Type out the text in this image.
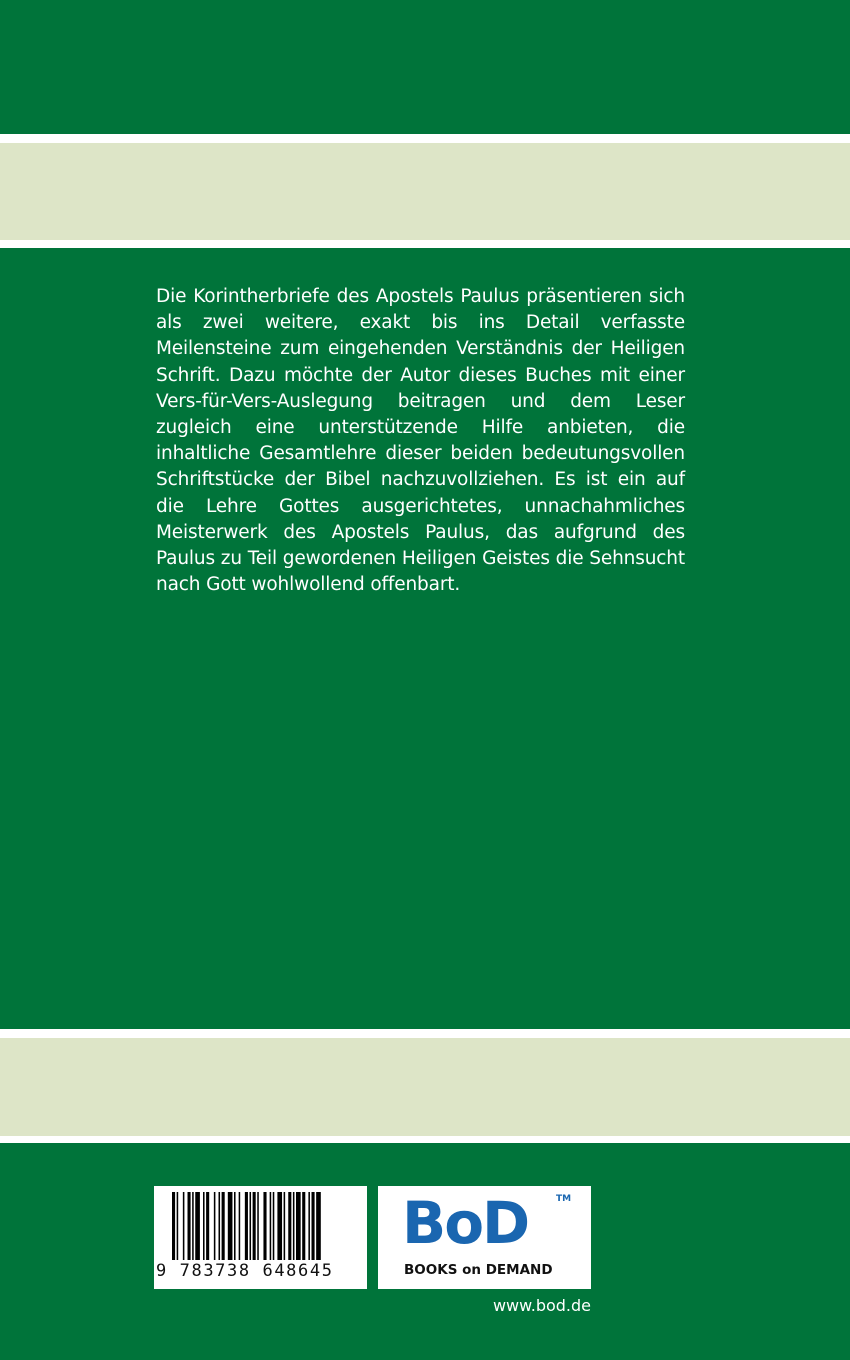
Die Korintherbriefe des Apostels Paulus präsentieren sich als zwei weitere, exakt bis ins Detail verfasste Meilensteine zum eingehenden Verständnis der Heiligen Schrift. Dazu möchte der Autor dieses Buches mit einer Vers-für-Vers-Auslegung beitragen und dem Leser zugleich eine unterstützende Hilfe anbieten, die inhaltliche Gesamtlehre dieser beiden bedeutungsvollen Schriftstücke der Bibel nachzuvollziehen. Es ist ein auf die Lehre Gottes ausgerichtetes, unnachahmliches Meisterwerk des Apostels Paulus, das aufgrund des Paulus zu Teil gewordenen Heiligen Geistes die Sehnsucht nach Gott wohlwollend offenbart.
9 783738 648645
BoD	TM
BOOKS on DEMAND
www.bod.de
